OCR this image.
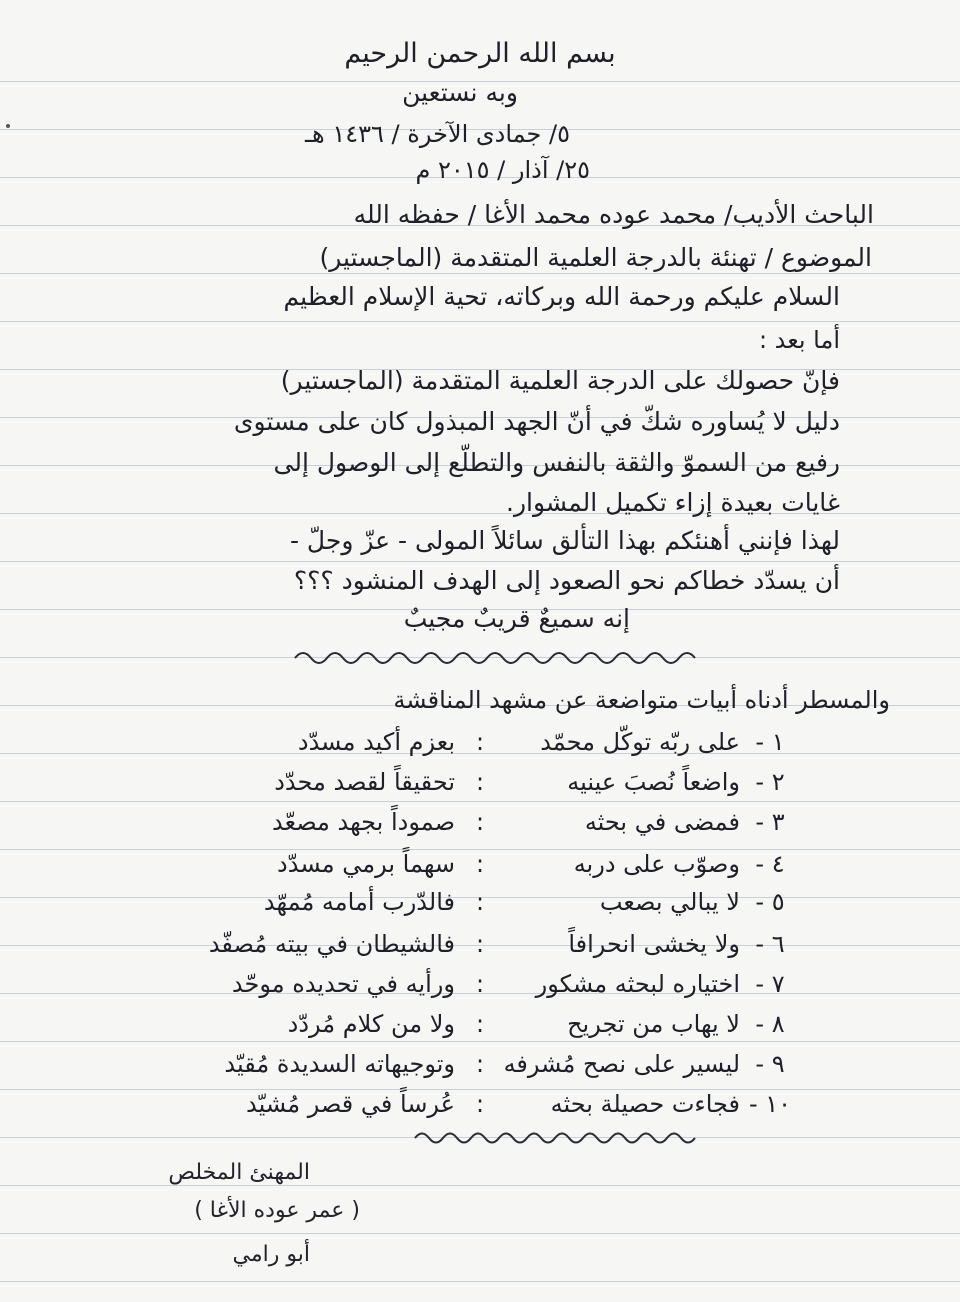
بسم الله الرحمن الرحيم
وبه نستعين
٥/ جمادى الآخرة / ١٤٣٦ هـ
٢٥/ آذار / ٢٠١٥ م
الباحث الأديب/ محمد عوده محمد الأغا / حفظه الله
الموضوع / تهنئة بالدرجة العلمية المتقدمة (الماجستير)
السلام عليكم ورحمة الله وبركاته، تحية الإسلام العظيم
أما بعد :
فإنّ حصولك على الدرجة العلمية المتقدمة (الماجستير)
دليل لا يُساوره شكّ في أنّ الجهد المبذول كان على مستوى
رفيع من السموّ والثقة بالنفس والتطلّع إلى الوصول إلى
غايات بعيدة إزاء تكميل المشوار.
لهذا فإنني أهنئكم بهذا التألق سائلاً المولى - عزّ وجلّ -
أن يسدّد خطاكم نحو الصعود إلى الهدف المنشود ؟؟؟
إنه سميعٌ قريبٌ مجيبٌ
والمسطر أدناه أبيات متواضعة عن مشهد المناقشة
١ -
على ربّه توكّل محمّد
:
بعزم أكيد مسدّد
٢ -
واضعاً نُصبَ عينيه
:
تحقيقاً لقصد محدّد
٣ -
فمضى في بحثه
:
صموداً بجهد مصعّد
٤ -
وصوّب على دربه
:
سهماً برمي مسدّد
٥ -
لا يبالي بصعب
:
فالدّرب أمامه مُمهّد
٦ -
ولا يخشى انحرافاً
:
فالشيطان في بيته مُصفّد
٧ -
اختياره لبحثه مشكور
:
ورأيه في تحديده موحّد
٨ -
لا يهاب من تجريح
:
ولا من كلام مُردّد
٩ -
ليسير على نصح مُشرفه
:
وتوجيهاته السديدة مُقيّد
١٠ -
فجاءت حصيلة بحثه
:
عُرساً في قصر مُشيّد
المهنئ المخلص
( عمر عوده الأغا )
أبو رامي
